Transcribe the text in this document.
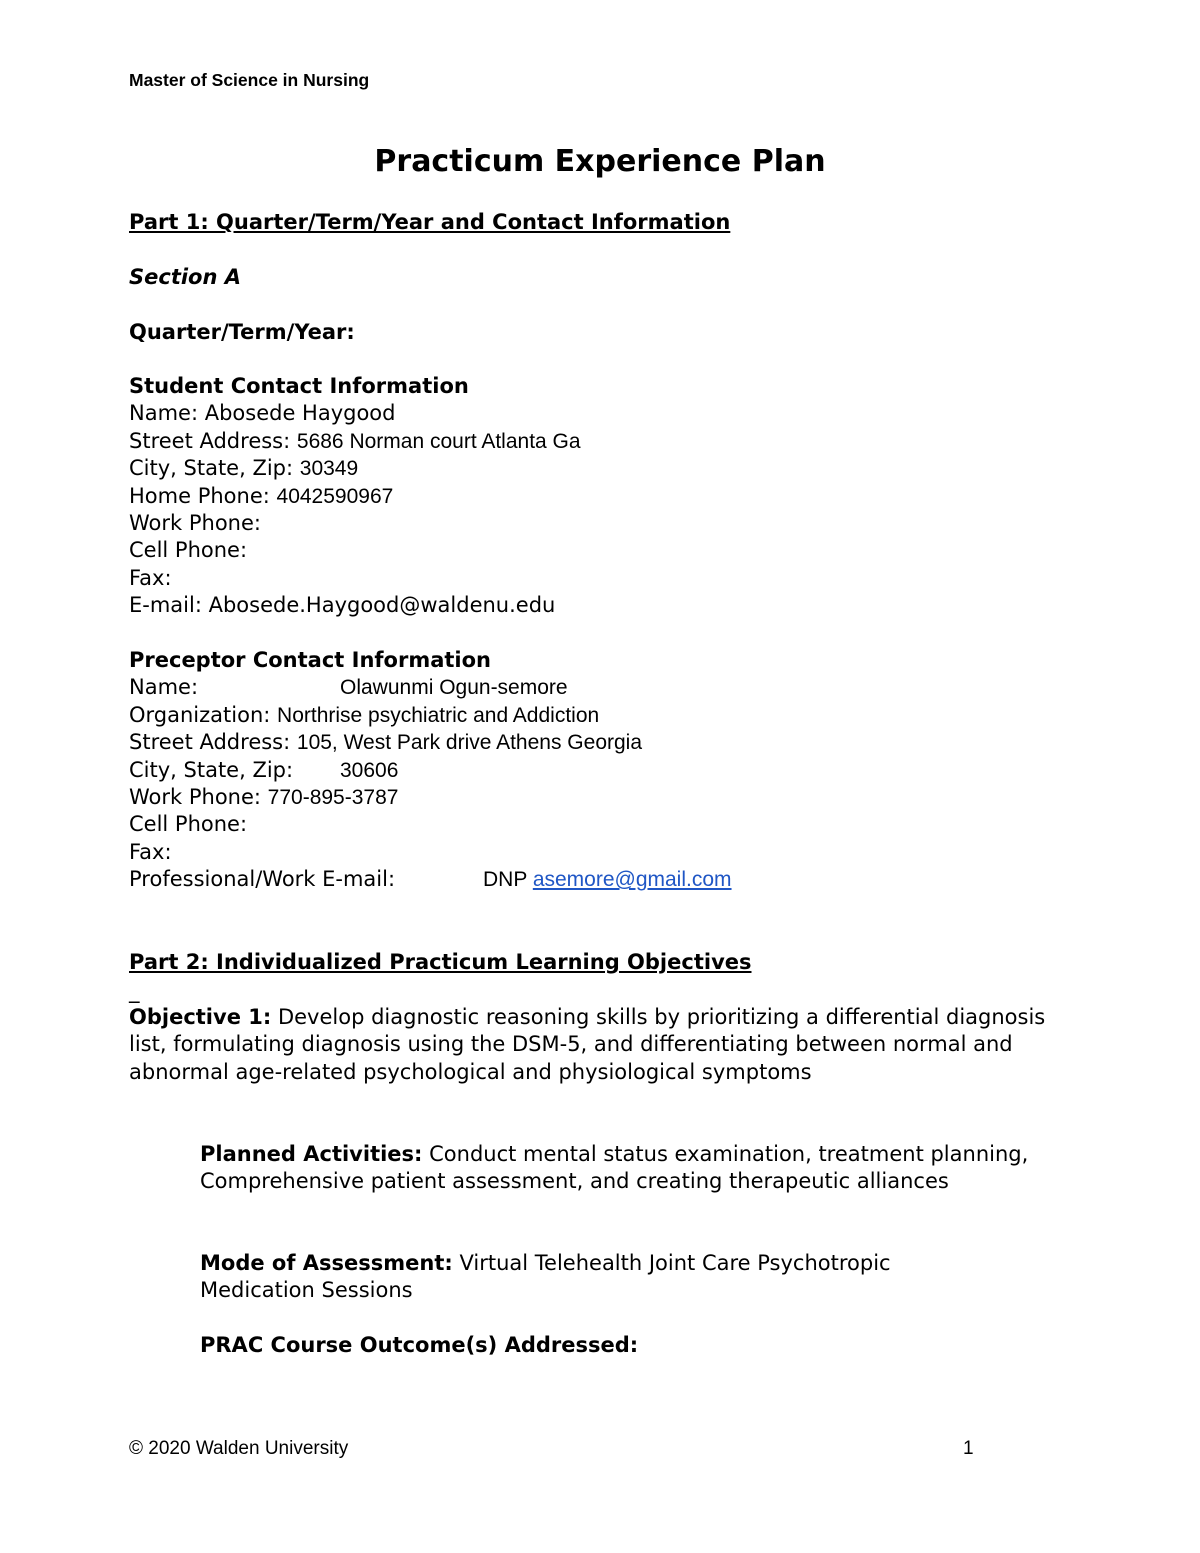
Master of Science in Nursing

Practicum Experience Plan

Part 1: Quarter/Term/Year and Contact Information

Section A

Quarter/Term/Year:

Student Contact Information
Name: Abosede Haygood
Street Address: 5686 Norman court Atlanta Ga
City, State, Zip: 30349
Home Phone: 4042590967
Work Phone:
Cell Phone:
Fax:
E-mail: Abosede.Haygood@waldenu.edu
Preceptor Contact Information
Name:	Olawunmi Ogun-semore
Organization: Northrise psychiatric and Addiction
Street Address: 105, West Park drive Athens Georgia
City, State, Zip: 30606
Work Phone: 770-895-3787
Cell Phone:
Fax:
Professional/Work E-mail:	DNP asemore@gmail.com

Part 2: Individualized Practicum Learning Objectives

_

Objective 1: Develop diagnostic reasoning skills by prioritizing a differential diagnosis list, formulating diagnosis using the DSM-5, and differentiating between normal and abnormal age-related psychological and physiological symptoms

Planned Activities: Conduct mental status examination, treatment planning, Comprehensive patient assessment, and creating therapeutic alliances

Mode of Assessment: Virtual Telehealth Joint Care Psychotropic Medication Sessions

PRAC Course Outcome(s) Addressed:

© 2020 Walden University	1
